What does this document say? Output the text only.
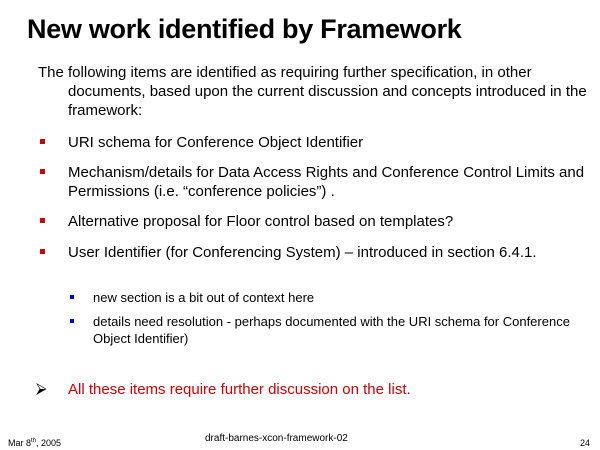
New work identified by Framework
The following items are identified as requiring further specification, in other documents, based upon the current discussion and concepts introduced in the framework:
URI schema for Conference Object Identifier
Mechanism/details for Data Access Rights and Conference Control Limits and Permissions (i.e. “conference policies”) .
Alternative proposal for Floor control based on templates?
User Identifier (for Conferencing System) – introduced in section 6.4.1.
new section is a bit out of context here
details need resolution - perhaps documented with the URI schema for Conference Object Identifier)
⮚ All these items require further discussion on the list.
Mar 8th, 2005	draft-barnes-xcon-framework-02	24
